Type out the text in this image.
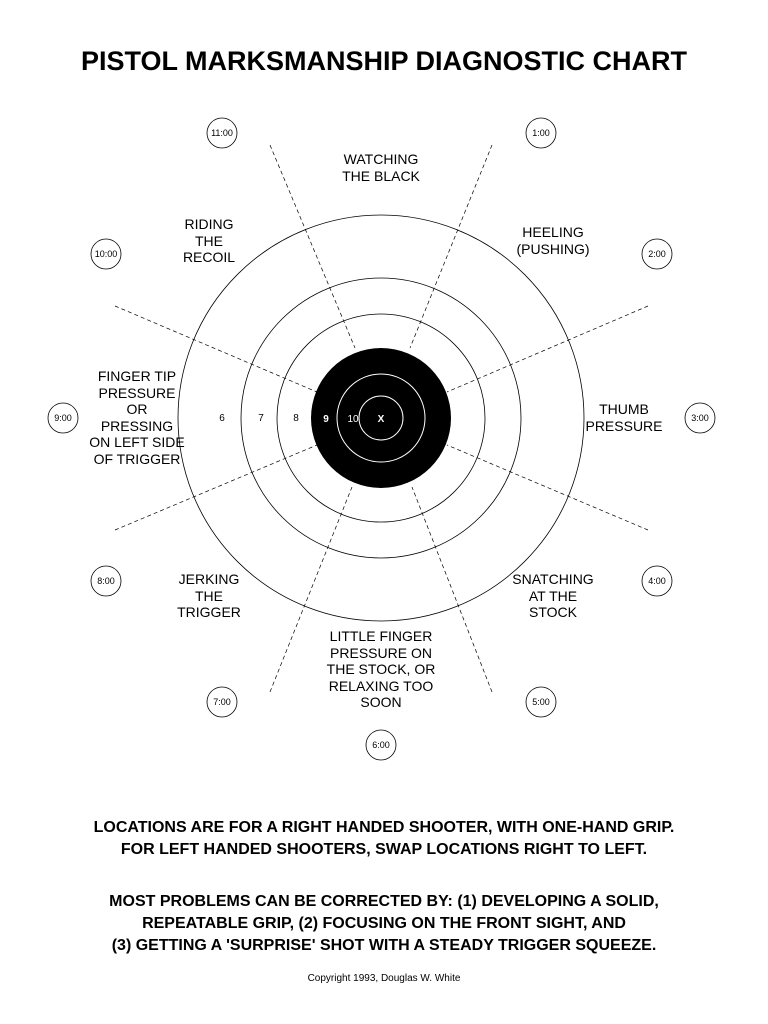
PISTOL MARKSMANSHIP DIAGNOSTIC CHART
6	7	8 9 10 X
11:00	1:00
10:00	2:00
9:00	3:00
8:00	4:00
7:00	5:00
6:00
WATCHING
THE BLACK
RIDING
THE
RECOIL
HEELING
(PUSHING)
FINGER TIP
PRESSURE
OR
PRESSING
ON LEFT SIDE
OF TRIGGER
THUMB
PRESSURE
JERKING
THE
TRIGGER
SNATCHING
AT THE
STOCK
LITTLE FINGER
PRESSURE ON
THE STOCK, OR
RELAXING TOO
SOON
LOCATIONS ARE FOR A RIGHT HANDED SHOOTER, WITH ONE-HAND GRIP.
FOR LEFT HANDED SHOOTERS, SWAP LOCATIONS RIGHT TO LEFT.
MOST PROBLEMS CAN BE CORRECTED BY: (1) DEVELOPING A SOLID,
REPEATABLE GRIP, (2) FOCUSING ON THE FRONT SIGHT, AND
(3) GETTING A 'SURPRISE' SHOT WITH A STEADY TRIGGER SQUEEZE.
Copyright 1993, Douglas W. White
